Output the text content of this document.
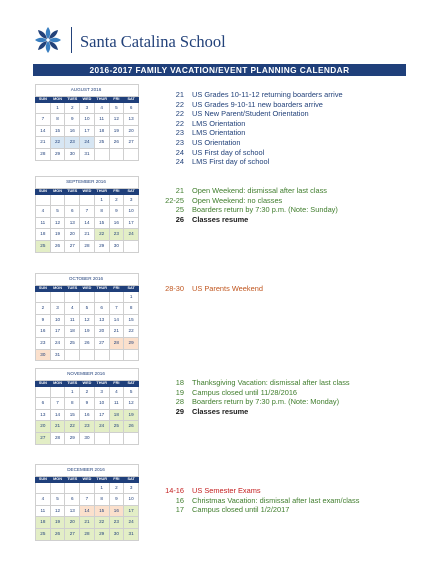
Santa Catalina School
2016-2017 FAMILY VACATION/EVENT PLANNING CALENDAR
AUGUST 2016						
SUN	MON	TUES	WED	THUR	FRI	SAT
	1	2	3	4	5	6
7	8	9	10	11	12	13
14	15	16	17	18	19	20
21	22	23	24	25	26	27
28	29	30	31			
21 US Grades 10-11-12 returning boarders arrive
22 US Grades 9-10-11 new boarders arrive
22 US New Parent/Student Orientation
22 LMS Orientation
23 LMS Orientation
23 US Orientation
24 US First day of school
24 LMS First day of school
SEPTEMBER 2016						
SUN	MON	TUES	WED	THUR	FRI	SAT
				1	2	3
4	5	6	7	8	9	10
11	12	13	14	15	16	17
18	19	20	21	22	23	24
25	26	27	28	29	30	
21 Open Weekend: dismissal after last class
22-25 Open Weekend: no classes
25 Boarders return by 7:30 p.m. (Note: Sunday)
26 Classes resume
OCTOBER 2016						
SUN	MON	TUES	WED	THUR	FRI	SAT
						1
2	3	4	5	6	7	8
9	10	11	12	13	14	15
16	17	18	19	20	21	22
23	24	25	26	27	28	29
30	31					
28-30 US Parents Weekend
NOVEMBER 2016						
SUN	MON	TUES	WED	THUR	FRI	SAT
		1	2	3	4	5
6	7	8	9	10	11	12
13	14	15	16	17	18	19
20	21	22	23	24	25	26
27	28	29	30			
18 Thanksgiving Vacation: dismissal after last class
19 Campus closed until 11/28/2016
28 Boarders return by 7:30 p.m. (Note: Monday)
29 Classes resume
DECEMBER 2016						
SUN	MON	TUES	WED	THUR	FRI	SAT
				1	2	3
4	5	6	7	8	9	10
11	12	13	14	15	16	17
18	19	20	21	22	23	24
25	26	27	28	29	30	31
14-16 US Semester Exams
16 Christmas Vacation: dismissal after last exam/class
17 Campus closed until 1/2/2017
